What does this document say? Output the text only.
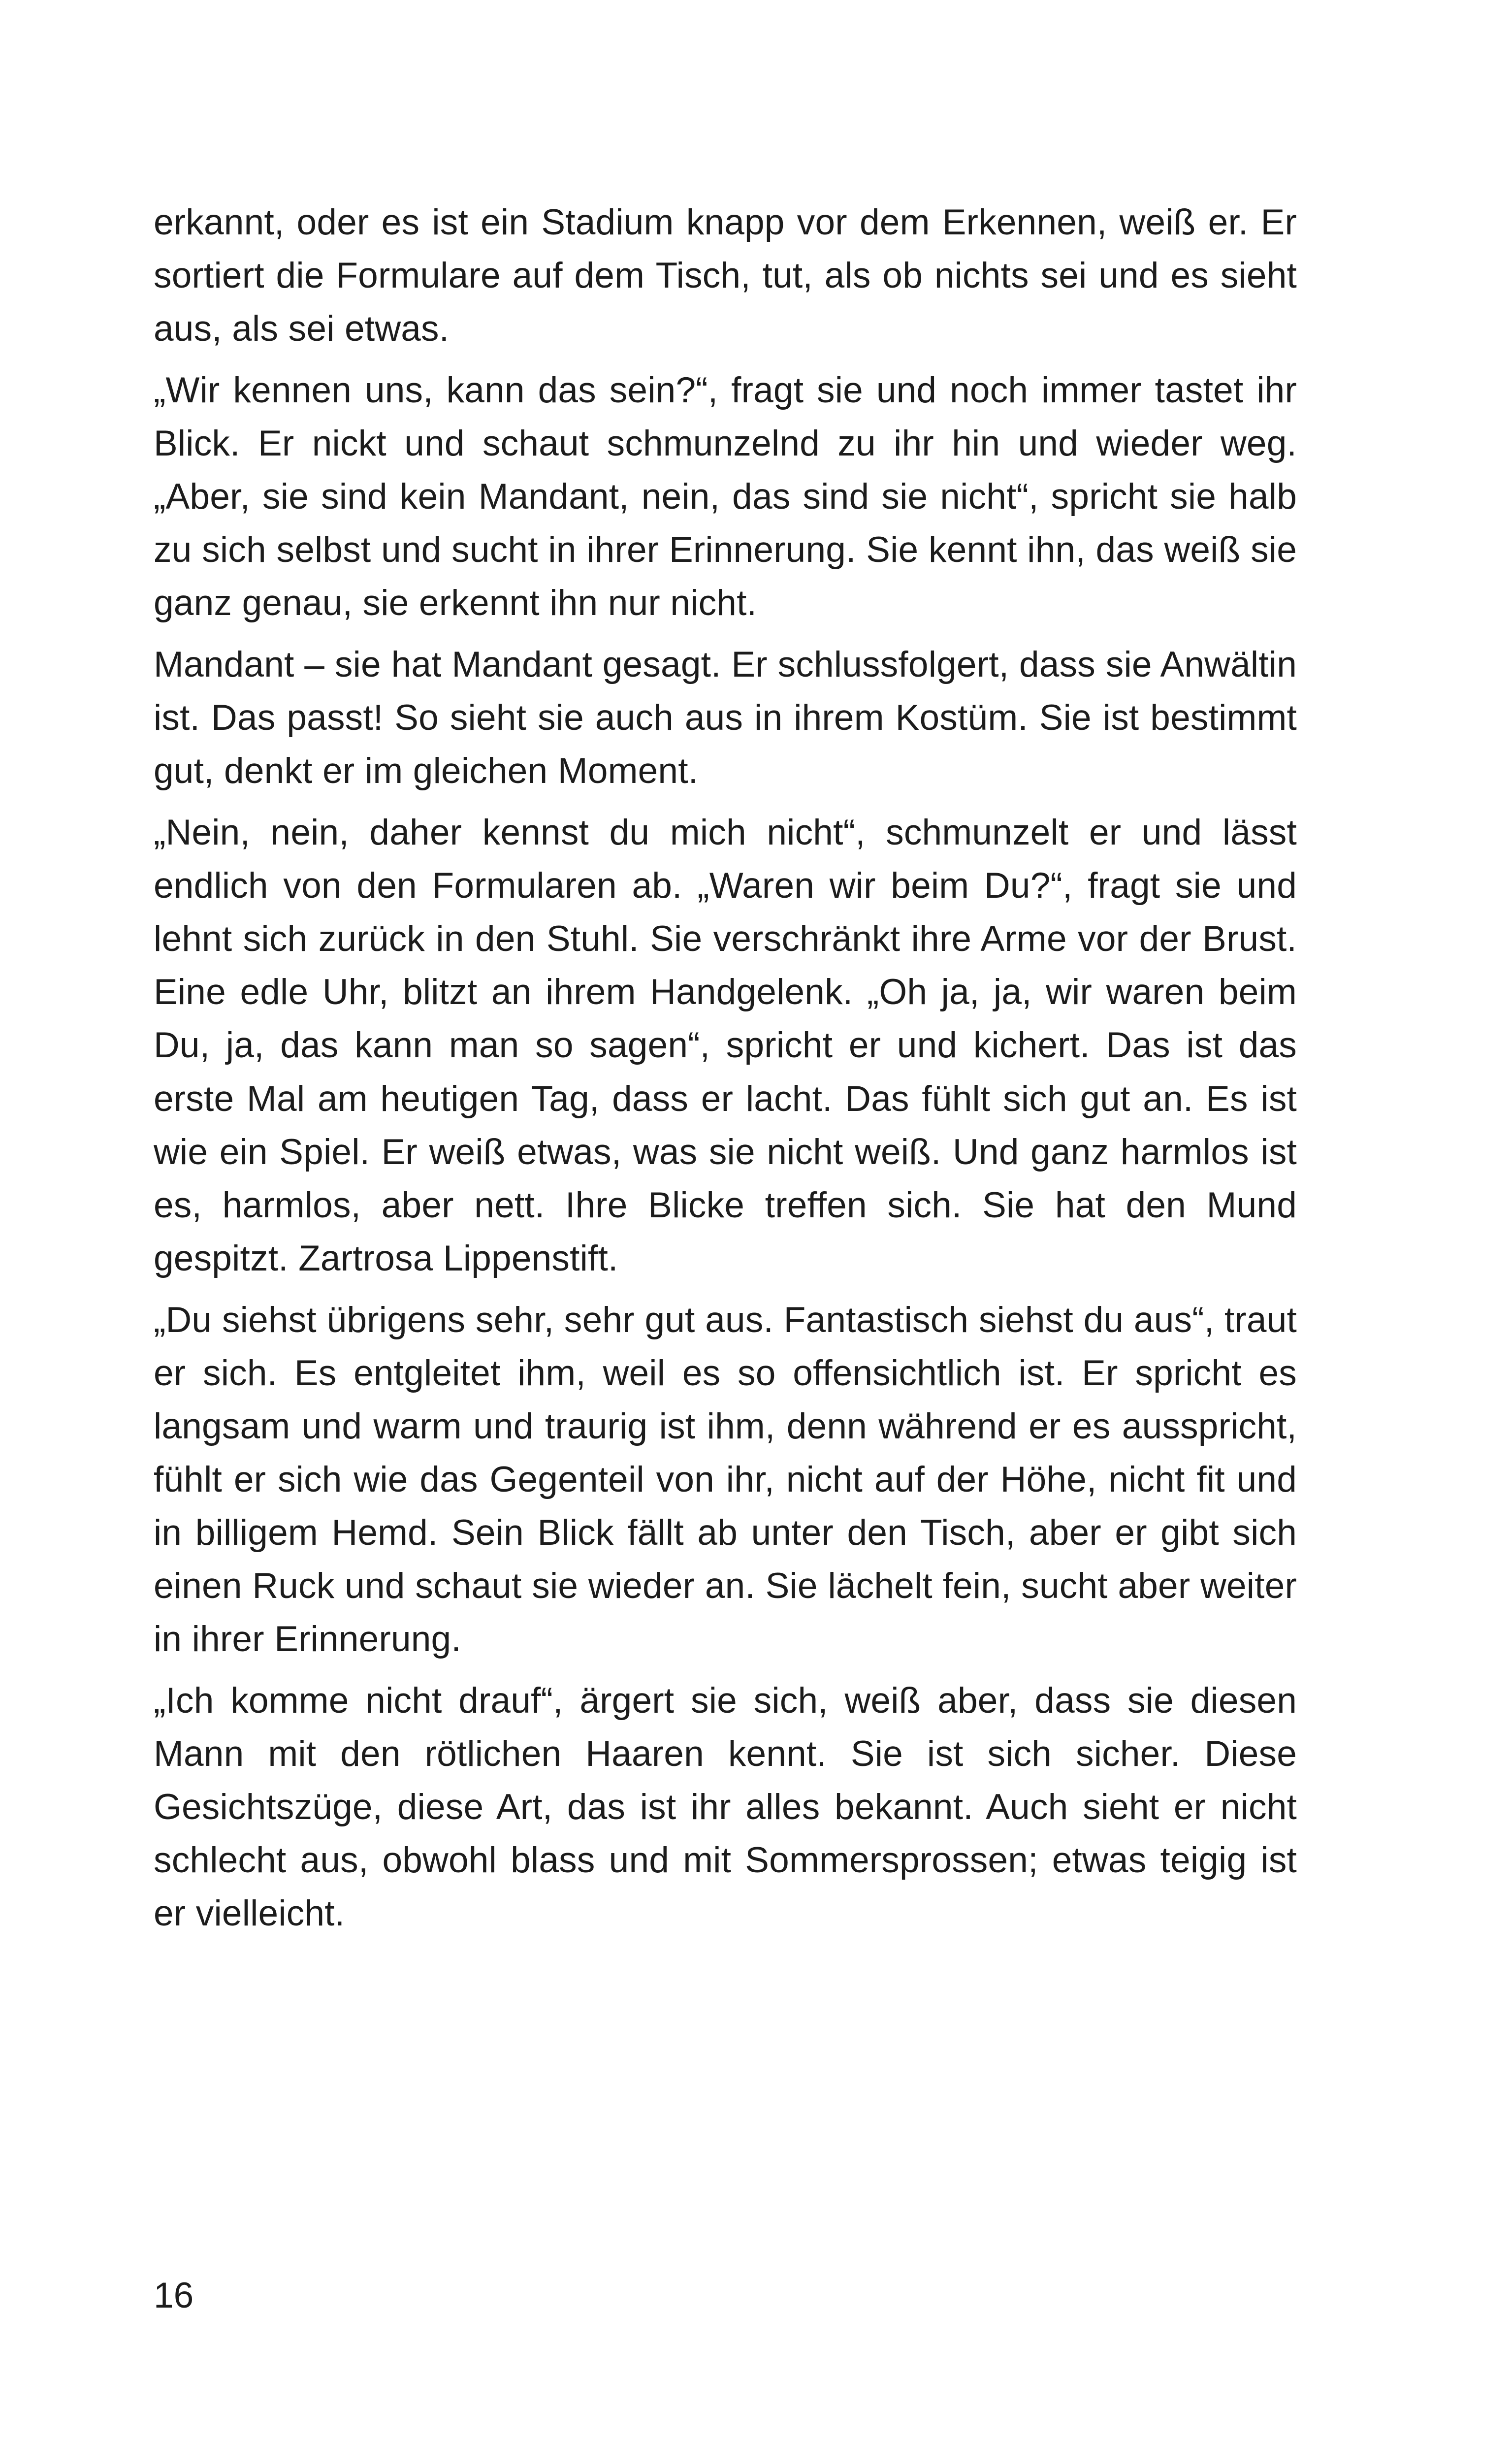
erkannt, oder es ist ein Stadium knapp vor dem Erkennen, weiß er. Er sortiert die Formulare auf dem Tisch, tut, als ob nichts sei und es sieht aus, als sei etwas.

„Wir kennen uns, kann das sein?“, fragt sie und noch immer tastet ihr Blick. Er nickt und schaut schmunzelnd zu ihr hin und wieder weg. „Aber, sie sind kein Mandant, nein, das sind sie nicht“, spricht sie halb zu sich selbst und sucht in ihrer Erinnerung. Sie kennt ihn, das weiß sie ganz genau, sie erkennt ihn nur nicht.

Mandant – sie hat Mandant gesagt. Er schlussfolgert, dass sie Anwältin ist. Das passt! So sieht sie auch aus in ihrem Kostüm. Sie ist bestimmt gut, denkt er im gleichen Moment.

„Nein, nein, daher kennst du mich nicht“, schmunzelt er und lässt endlich von den Formularen ab. „Waren wir beim Du?“, fragt sie und lehnt sich zurück in den Stuhl. Sie verschränkt ihre Arme vor der Brust. Eine edle Uhr, blitzt an ihrem Handgelenk. „Oh ja, ja, wir waren beim Du, ja, das kann man so sagen“, spricht er und kichert. Das ist das erste Mal am heutigen Tag, dass er lacht. Das fühlt sich gut an. Es ist wie ein Spiel. Er weiß etwas, was sie nicht weiß. Und ganz harmlos ist es, harmlos, aber nett. Ihre Blicke treffen sich. Sie hat den Mund gespitzt. Zartrosa Lippenstift.

„Du siehst übrigens sehr, sehr gut aus. Fantastisch siehst du aus“, traut er sich. Es entgleitet ihm, weil es so offensichtlich ist. Er spricht es langsam und warm und traurig ist ihm, denn während er es ausspricht, fühlt er sich wie das Gegenteil von ihr, nicht auf der Höhe, nicht fit und in billigem Hemd. Sein Blick fällt ab unter den Tisch, aber er gibt sich einen Ruck und schaut sie wieder an. Sie lächelt fein, sucht aber weiter in ihrer Erinnerung.

„Ich komme nicht drauf“, ärgert sie sich, weiß aber, dass sie diesen Mann mit den rötlichen Haaren kennt. Sie ist sich sicher. Diese Gesichtszüge, diese Art, das ist ihr alles bekannt. Auch sieht er nicht schlecht aus, obwohl blass und mit Sommersprossen; etwas teigig ist er vielleicht.

16
